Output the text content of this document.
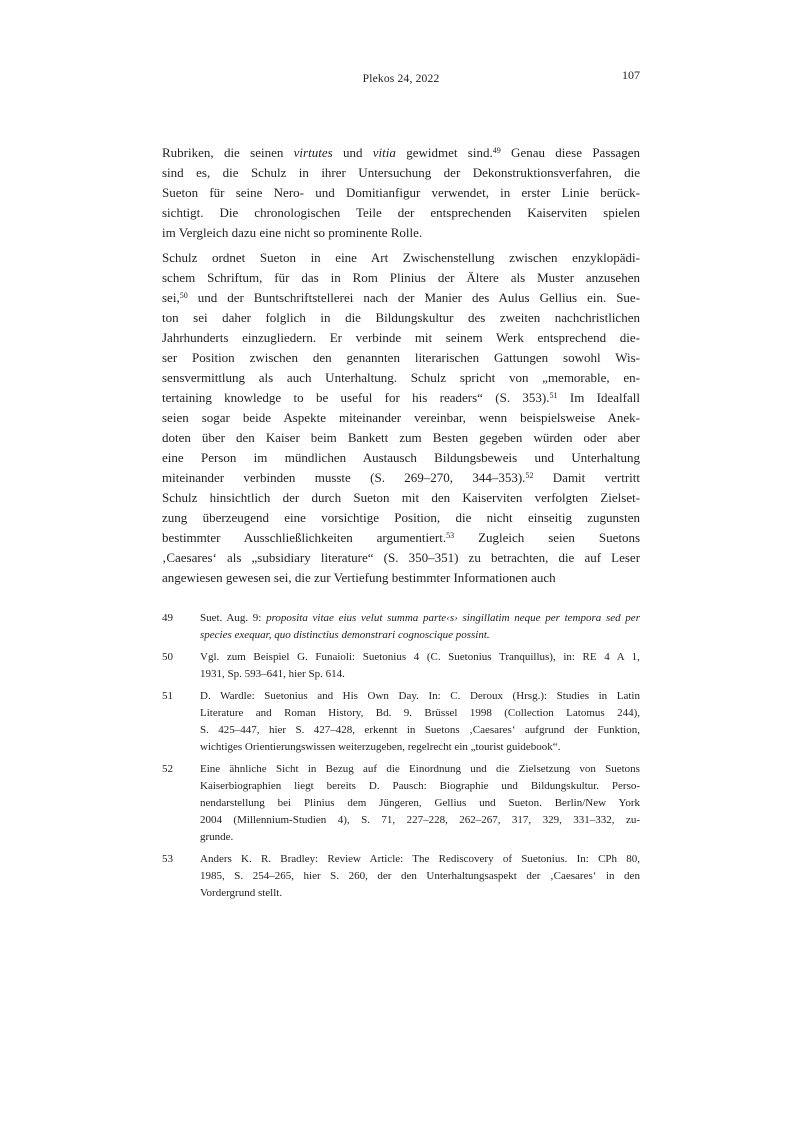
Plekos 24, 2022	107
Rubriken, die seinen virtutes und vitia gewidmet sind.$^{49}$ Genau diese Passagen
sind es, die Schulz in ihrer Untersuchung der Dekonstruktionsverfahren, die
Sueton für seine Nero- und Domitianfigur verwendet, in erster Linie berück-
sichtigt. Die chronologischen Teile der entsprechenden Kaiserviten spielen
im Vergleich dazu eine nicht so prominente Rolle.
Schulz ordnet Sueton in eine Art Zwischenstellung zwischen enzyklopädi-
schem Schriftum, für das in Rom Plinius der Ältere als Muster anzusehen
sei,$^{50}$ und der Buntschriftstellerei nach der Manier des Aulus Gellius ein. Sue-
ton sei daher folglich in die Bildungskultur des zweiten nachchristlichen
Jahrhunderts einzugliedern. Er verbinde mit seinem Werk entsprechend die-
ser Position zwischen den genannten literarischen Gattungen sowohl Wis-
sensvermittlung als auch Unterhaltung. Schulz spricht von „memorable, en-
tertaining knowledge to be useful for his readers“ (S. 353).$^{51}$ Im Idealfall
seien sogar beide Aspekte miteinander vereinbar, wenn beispielsweise Anek-
doten über den Kaiser beim Bankett zum Besten gegeben würden oder aber
eine Person im mündlichen Austausch Bildungsbeweis und Unterhaltung
miteinander verbinden musste (S. 269–270, 344–353).$^{52}$ Damit vertritt
Schulz hinsichtlich der durch Sueton mit den Kaiserviten verfolgten Zielset-
zung überzeugend eine vorsichtige Position, die nicht einseitig zugunsten
bestimmter Ausschließlichkeiten argumentiert.$^{53}$ Zugleich seien Suetons
‚Caesares‘ als „subsidiary literature“ (S. 350–351) zu betrachten, die auf Leser
angewiesen gewesen sei, die zur Vertiefung bestimmter Informationen auch
49 Suet. Aug. 9: proposita vitae eius velut summa parte‹s› singillatim neque per tempora sed per
species exequar, quo distinctius demonstrari cognoscique possint.
50 Vgl. zum Beispiel G. Funaioli: Suetonius 4 (C. Suetonius Tranquillus), in: RE 4 A 1,
1931, Sp. 593–641, hier Sp. 614.
51 D. Wardle: Suetonius and His Own Day. In: C. Deroux (Hrsg.): Studies in Latin
Literature and Roman History, Bd. 9. Brüssel 1998 (Collection Latomus 244),
S. 425–447, hier S. 427–428, erkennt in Suetons ‚Caesares‘ aufgrund der Funktion,
wichtiges Orientierungswissen weiterzugeben, regelrecht ein „tourist guidebook“.
52 Eine ähnliche Sicht in Bezug auf die Einordnung und die Zielsetzung von Suetons
Kaiserbiographien liegt bereits D. Pausch: Biographie und Bildungskultur. Perso-
nendarstellung bei Plinius dem Jüngeren, Gellius und Sueton. Berlin/New York
2004 (Millennium-Studien 4), S. 71, 227–228, 262–267, 317, 329, 331–332, zu-
grunde.
53 Anders K. R. Bradley: Review Article: The Rediscovery of Suetonius. In: CPh 80,
1985, S. 254–265, hier S. 260, der den Unterhaltungsaspekt der ‚Caesares‘ in den
Vordergrund stellt.
